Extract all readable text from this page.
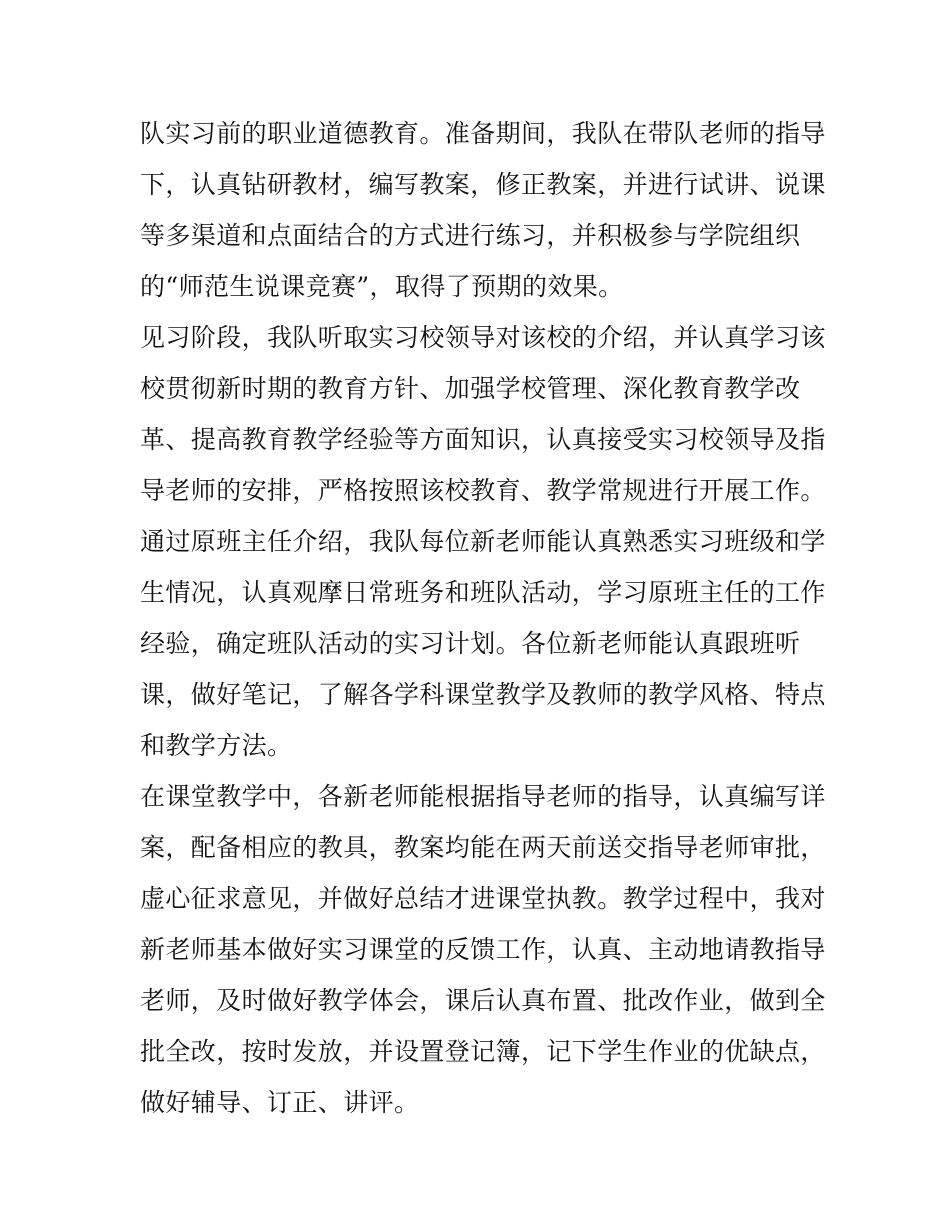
队实习前的职业道德教育。准备期间，我队在带队老师的指导
下，认真钻研教材，编写教案，修正教案，并进行试讲、说课
等多渠道和点面结合的方式进行练习，并积极参与学院组织
的“师范生说课竞赛”，取得了预期的效果。
见习阶段，我队听取实习校领导对该校的介绍，并认真学习该
校贯彻新时期的教育方针、加强学校管理、深化教育教学改
革、提高教育教学经验等方面知识，认真接受实习校领导及指
导老师的安排，严格按照该校教育、教学常规进行开展工作。
通过原班主任介绍，我队每位新老师能认真熟悉实习班级和学
生情况，认真观摩日常班务和班队活动，学习原班主任的工作
经验，确定班队活动的实习计划。各位新老师能认真跟班听
课，做好笔记，了解各学科课堂教学及教师的教学风格、特点
和教学方法。
在课堂教学中，各新老师能根据指导老师的指导，认真编写详
案，配备相应的教具，教案均能在两天前送交指导老师审批，
虚心征求意见，并做好总结才进课堂执教。教学过程中，我对
新老师基本做好实习课堂的反馈工作，认真、主动地请教指导
老师，及时做好教学体会，课后认真布置、批改作业，做到全
批全改，按时发放，并设置登记簿，记下学生作业的优缺点，
做好辅导、订正、讲评。
